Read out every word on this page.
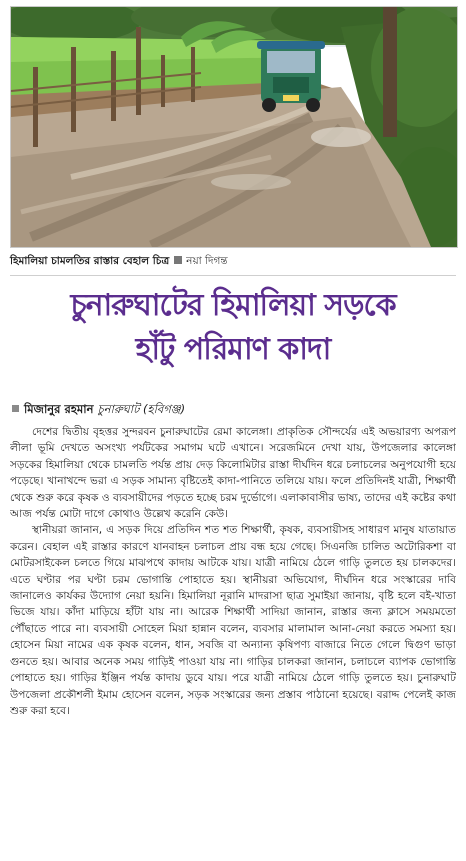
হিমালিয়া চামলতির রাস্তার বেহাল চিত্র নয়া দিগন্ত
চুনারুঘাটের হিমালিয়া সড়কে
হাঁটু পরিমাণ কাদা
মিজানুর রহমান চুনারুঘাট (হবিগঞ্জ)

দেশের দ্বিতীয় বৃহত্তর সুন্দরবন চুনারুঘাটের রেমা কালেঙ্গা। প্রাকৃতিক সৌন্দর্যের এই অভয়ারণ্য অপরূপ লীলা ভূমি দেখতে অসংখ্য পর্যটকের সমাগম ঘটে এখানে। সরেজমিনে দেখা যায়, উপজেলার কালেঙ্গা সড়কের হিমালিয়া থেকে চামলতি পর্যন্ত প্রায় দেড় কিলোমিটার রাস্তা দীর্ঘদিন ধরে চলাচলের অনুপযোগী হয়ে পড়েছে। খানাখন্দে ভরা এ সড়ক সামান্য বৃষ্টিতেই কাদা-পানিতে তলিয়ে যায়। ফলে প্রতিদিনই যাত্রী, শিক্ষার্থী থেকে শুরু করে কৃষক ও ব্যবসায়ীদের পড়তে হচ্ছে চরম দুর্ভোগে। এলাকাবাসীর ভাষ্য, তাদের এই কষ্টের কথা আজ পর্যন্ত মোটা দাগে কোথাও উল্লেখ করেনি কেউ।

স্থানীয়রা জানান, এ সড়ক দিয়ে প্রতিদিন শত শত শিক্ষার্থী, কৃষক, ব্যবসায়ীসহ সাধারণ মানুষ যাতায়াত করেন। বেহাল এই রাস্তার কারণে যানবাহন চলাচল প্রায় বন্ধ হয়ে গেছে। সিএনজি চালিত অটোরিকশা বা মোটরসাইকেল চলতে গিয়ে মাঝপথে কাদায় আটকে যায়। যাত্রী নামিয়ে ঠেলে গাড়ি তুলতে হয় চালকদের। এতে ঘণ্টার পর ঘণ্টা চরম ভোগান্তি পোহাতে হয়। স্থানীয়রা অভিযোগ, দীর্ঘদিন ধরে সংস্কারের দাবি জানালেও কার্যকর উদ্যোগ নেয়া হয়নি। হিমালিয়া নূরানি মাদরাসা ছাত্র সুমাইয়া জানায়, বৃষ্টি হলে বই-খাতা ভিজে যায়। কাঁদা মাড়িয়ে হাঁটা যায় না। আরেক শিক্ষার্থী সাদিয়া জানান, রাস্তার জন্য ক্লাসে সময়মতো পৌঁছাতে পারে না। ব্যবসায়ী সোহেল মিয়া হান্নান বলেন, ব্যবসার মালামাল আনা-নেয়া করতে সমস্যা হয়। হোসেন মিয়া নামের এক কৃষক বলেন, ধান, সবজি বা অন্যান্য কৃষিপণ্য বাজারে নিতে গেলে দ্বিগুণ ভাড়া গুনতে হয়। আবার অনেক সময় গাড়িই পাওয়া যায় না। গাড়ির চালকরা জানান, চলাচলে ব্যাপক ভোগান্তি পোহাতে হয়। গাড়ির ইঞ্জিন পর্যন্ত কাদায় ডুবে যায়। পরে যাত্রী নামিয়ে ঠেলে গাড়ি তুলতে হয়। চুনারুঘাট উপজেলা প্রকৌশলী ইমাম হোসেন বলেন, সড়ক সংস্কারের জন্য প্রস্তাব পাঠানো হয়েছে। বরাদ্দ পেলেই কাজ শুরু করা হবে।
